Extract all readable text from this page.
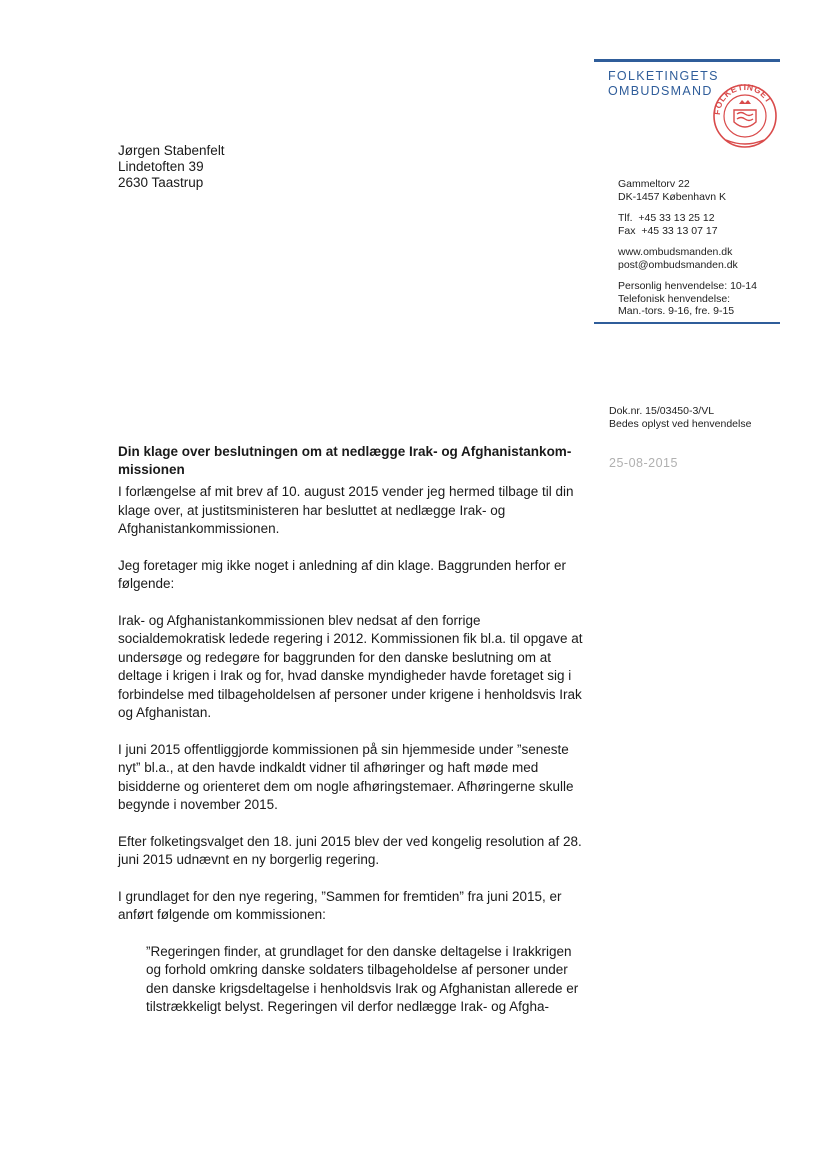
FOLKETINGETS
OMBUDSMAND
FOLKETINGET
Jørgen Stabenfelt
Lindetoften 39
2630 Taastrup	Gammeltorv 22
DK-1457 København K
Tlf.  +45 33 13 25 12
Fax  +45 33 13 07 17
www.ombudsmanden.dk
post@ombudsmanden.dk
Personlig henvendelse: 10-14
Telefonisk henvendelse:
Man.-tors. 9-16, fre. 9-15
Dok.nr. 15/03450-3/VL
Bedes oplyst ved henvendelse
25-08-2015
Din klage over beslutningen om at nedlægge Irak- og Afghanistankom-missionen

I forlængelse af mit brev af 10. august 2015 vender jeg hermed tilbage til din klage over, at justitsministeren har besluttet at nedlægge Irak- og Afghanistankommissionen.

Jeg foretager mig ikke noget i anledning af din klage. Baggrunden herfor er følgende:

Irak- og Afghanistankommissionen blev nedsat af den forrige socialdemokratisk ledede regering i 2012. Kommissionen fik bl.a. til opgave at undersøge og redegøre for baggrunden for den danske beslutning om at deltage i krigen i Irak og for, hvad danske myndigheder havde foretaget sig i forbindelse med tilbageholdelsen af personer under krigene i henholdsvis Irak og Afghanistan.

I juni 2015 offentliggjorde kommissionen på sin hjemmeside under ”seneste nyt” bl.a., at den havde indkaldt vidner til afhøringer og haft møde med bisidderne og orienteret dem om nogle afhøringstemaer. Afhøringerne skulle begynde i november 2015.

Efter folketingsvalget den 18. juni 2015 blev der ved kongelig resolution af 28. juni 2015 udnævnt en ny borgerlig regering.

I grundlaget for den nye regering, ”Sammen for fremtiden” fra juni 2015, er anført følgende om kommissionen:

”Regeringen finder, at grundlaget for den danske deltagelse i Irakkrigen og forhold omkring danske soldaters tilbageholdelse af personer under den danske krigsdeltagelse i henholdsvis Irak og Afghanistan allerede er tilstrækkeligt belyst. Regeringen vil derfor nedlægge Irak- og Afgha-
